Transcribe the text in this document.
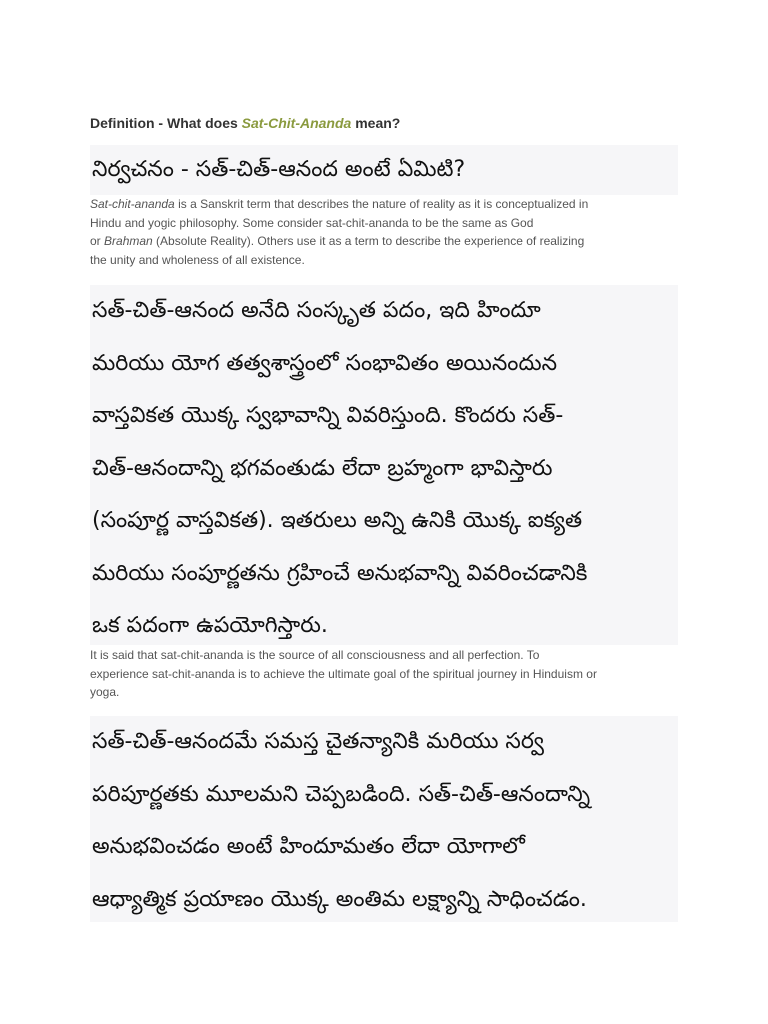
Definition - What does Sat-Chit-Ananda mean?
నిర్వచనం - సత్-చిత్-ఆనంద అంటే ఏమిటి?

Sat-chit-ananda is a Sanskrit term that describes the nature of reality as it is conceptualized in
Hindu and yogic philosophy. Some consider sat-chit-ananda to be the same as God
or Brahman (Absolute Reality). Others use it as a term to describe the experience of realizing
the unity and wholeness of all existence.

సత్-చిత్-ఆనంద అనేది సంస్కృత పదం, ఇది హిందూ
మరియు యోగ తత్వశాస్త్రంలో సంభావితం అయినందున
వాస్తవికత యొక్క స్వభావాన్ని వివరిస్తుంది. కొందరు సత్-
చిత్-ఆనందాన్ని భగవంతుడు లేదా బ్రహ్మంగా భావిస్తారు
(సంపూర్ణ వాస్తవికత). ఇతరులు అన్ని ఉనికి యొక్క ఐక్యత
మరియు సంపూర్ణతను గ్రహించే అనుభవాన్ని వివరించడానికి
ఒక పదంగా ఉపయోగిస్తారు.

It is said that sat-chit-ananda is the source of all consciousness and all perfection. To
experience sat-chit-ananda is to achieve the ultimate goal of the spiritual journey in Hinduism or
yoga.

సత్-చిత్-ఆనందమే సమస్త చైతన్యానికి మరియు సర్వ
పరిపూర్ణతకు మూలమని చెప్పబడింది. సత్-చిత్-ఆనందాన్ని
అనుభవించడం అంటే హిందూమతం లేదా యోగాలో
ఆధ్యాత్మిక ప్రయాణం యొక్క అంతిమ లక్ష్యాన్ని సాధించడం.
